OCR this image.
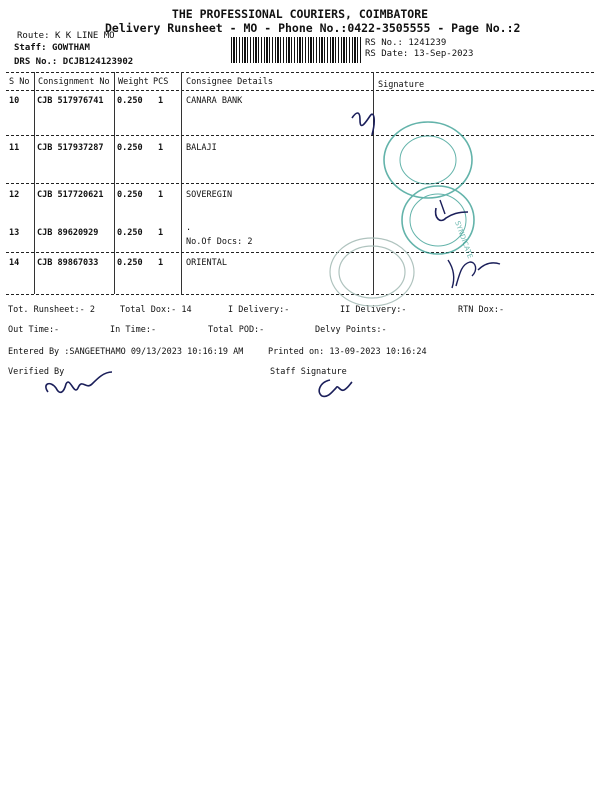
THE PROFESSIONAL COURIERS, COIMBATORE
Delivery Runsheet - MO - Phone No.:0422-3505555 - Page No.:2
Route: K K LINE MO
Staff: GOWTHAM
DRS No.: DCJB124123902
RS No.: 1241239
RS Date: 13-Sep-2023
S No Consignment No Weight PCS Consignee Details	Signature
10 CJB 517976741 0.250 1	CANARA BANK
11 CJB 517937287 0.250 1	BALAJI
12 CJB 517720621 0.250 1	SOVEREGIN
13 CJB 89620929 0.250 1	.
No.Of Docs: 2
14 CJB 89867033 0.250 1	ORIENTAL
Tot. Runsheet:- 2	Total Dox:- 14	I Delivery:-	II Delivery:-	RTN Dox:-
Out Time:-	In Time:-	Total POD:-	Delvy Points:-
Entered By :SANGEETHAMO 09/13/2023 10:16:19 AM	Printed on: 13-09-2023 10:16:24
Verified By	Staff Signature
SYNDICATE
